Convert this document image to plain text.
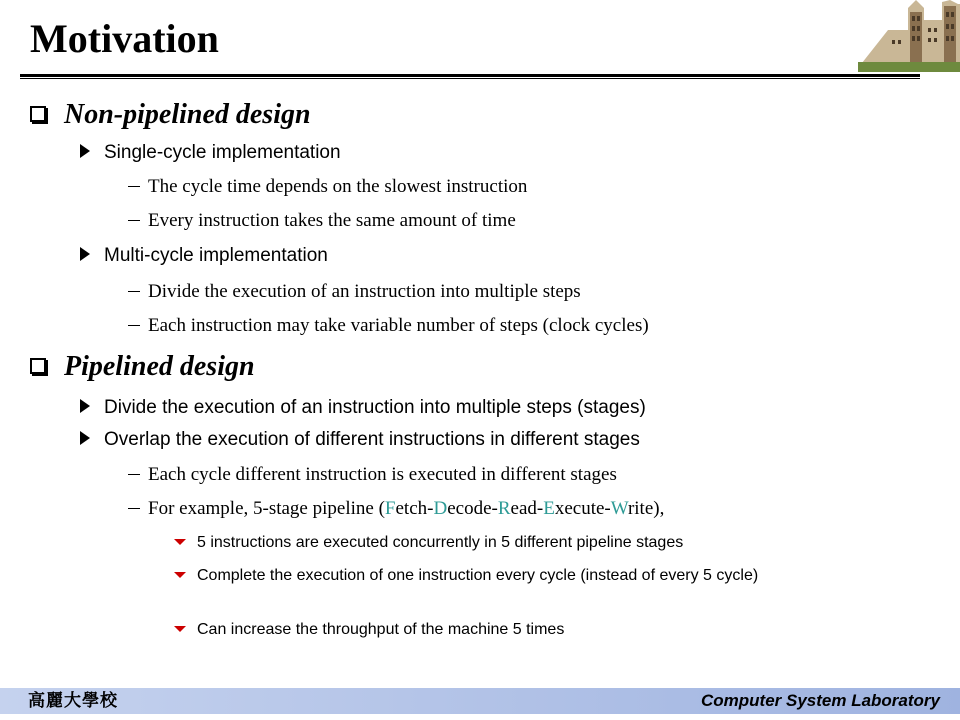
Motivation
Non-pipelined design
Single-cycle implementation
The cycle time depends on the slowest instruction
Every instruction takes the same amount of time
Multi-cycle implementation
Divide the execution of an instruction into multiple steps
Each instruction may take variable number of steps (clock cycles)
Pipelined design
Divide the execution of an instruction into multiple steps (stages)
Overlap the execution of different instructions in different stages
Each cycle different instruction is executed in different stages
For example, 5-stage pipeline (Fetch-Decode-Read-Execute-Write),
5 instructions are executed concurrently in 5 different pipeline stages
Complete the execution of one instruction every cycle (instead of every 5 cycle)
Can increase the throughput of the machine 5 times
高麗大學校	Computer System Laboratory
